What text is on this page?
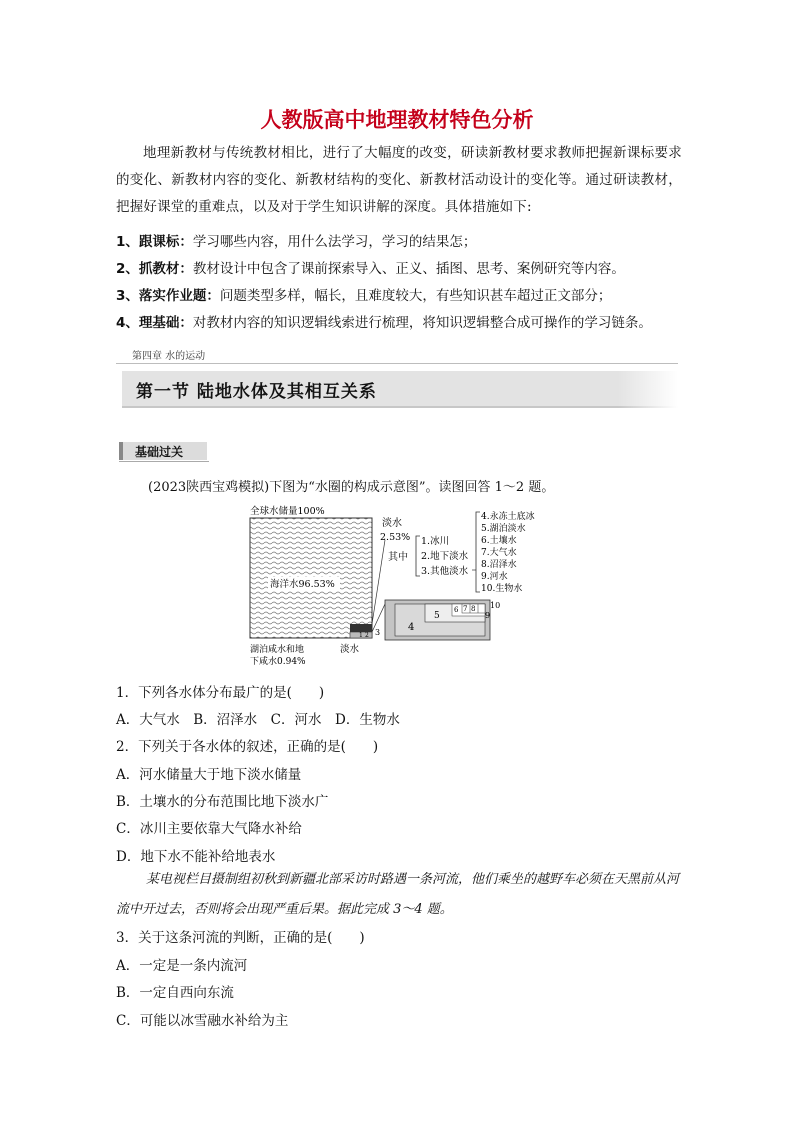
人教版高中地理教材特色分析
地理新教材与传统教材相比，进行了大幅度的改变，研读新教材要求教师把握新课标要求的变化、新教材内容的变化、新教材结构的变化、新教材活动设计的变化等。通过研读教材，把握好课堂的重难点，以及对于学生知识讲解的深度。具体措施如下:
1、跟课标：学习哪些内容，用什么法学习，学习的结果怎；
2、抓教材：教材设计中包含了课前探索导入、正义、插图、思考、案例研究等内容。
3、落实作业题：问题类型多样，幅长，且难度较大，有些知识甚车超过正文部分；
4、理基础：对教材内容的知识逻辑线索进行梳理，将知识逻辑整合成可操作的学习链条。
第四章 水的运动
第一节 陆地水体及其相互关系
基础过关
(2023陕西宝鸡模拟)下图为“水圈的构成示意图”。读图回答 1～2 题。
全球水储量100%
海洋水96.53%
1 2 3
淡水
2.53%
其中
1.冰川
2.地下淡水
3.其他淡水
4.永冻土底冰
5.湖泊淡水
6.土壤水
7.大气水
8.沼泽水
9.河水
10.生物水
4
5
6 7 8
9
10
湖泊咸水和地
下咸水0.94%
淡水
1．下列各水体分布最广的是(　　)
A．大气水　B．沼泽水　C．河水　D．生物水
2．下列关于各水体的叙述，正确的是(　　)
A．河水储量大于地下淡水储量
B．土壤水的分布范围比地下淡水广
C．冰川主要依靠大气降水补给
D．地下水不能补给地表水
某电视栏目摄制组初秋到新疆北部采访时路遇一条河流，他们乘坐的越野车必须在天黑前从河流中开过去，否则将会出现严重后果。据此完成 3～4 题。
3．关于这条河流的判断，正确的是(　　)
A．一定是一条内流河
B．一定自西向东流
C．可能以冰雪融水补给为主
